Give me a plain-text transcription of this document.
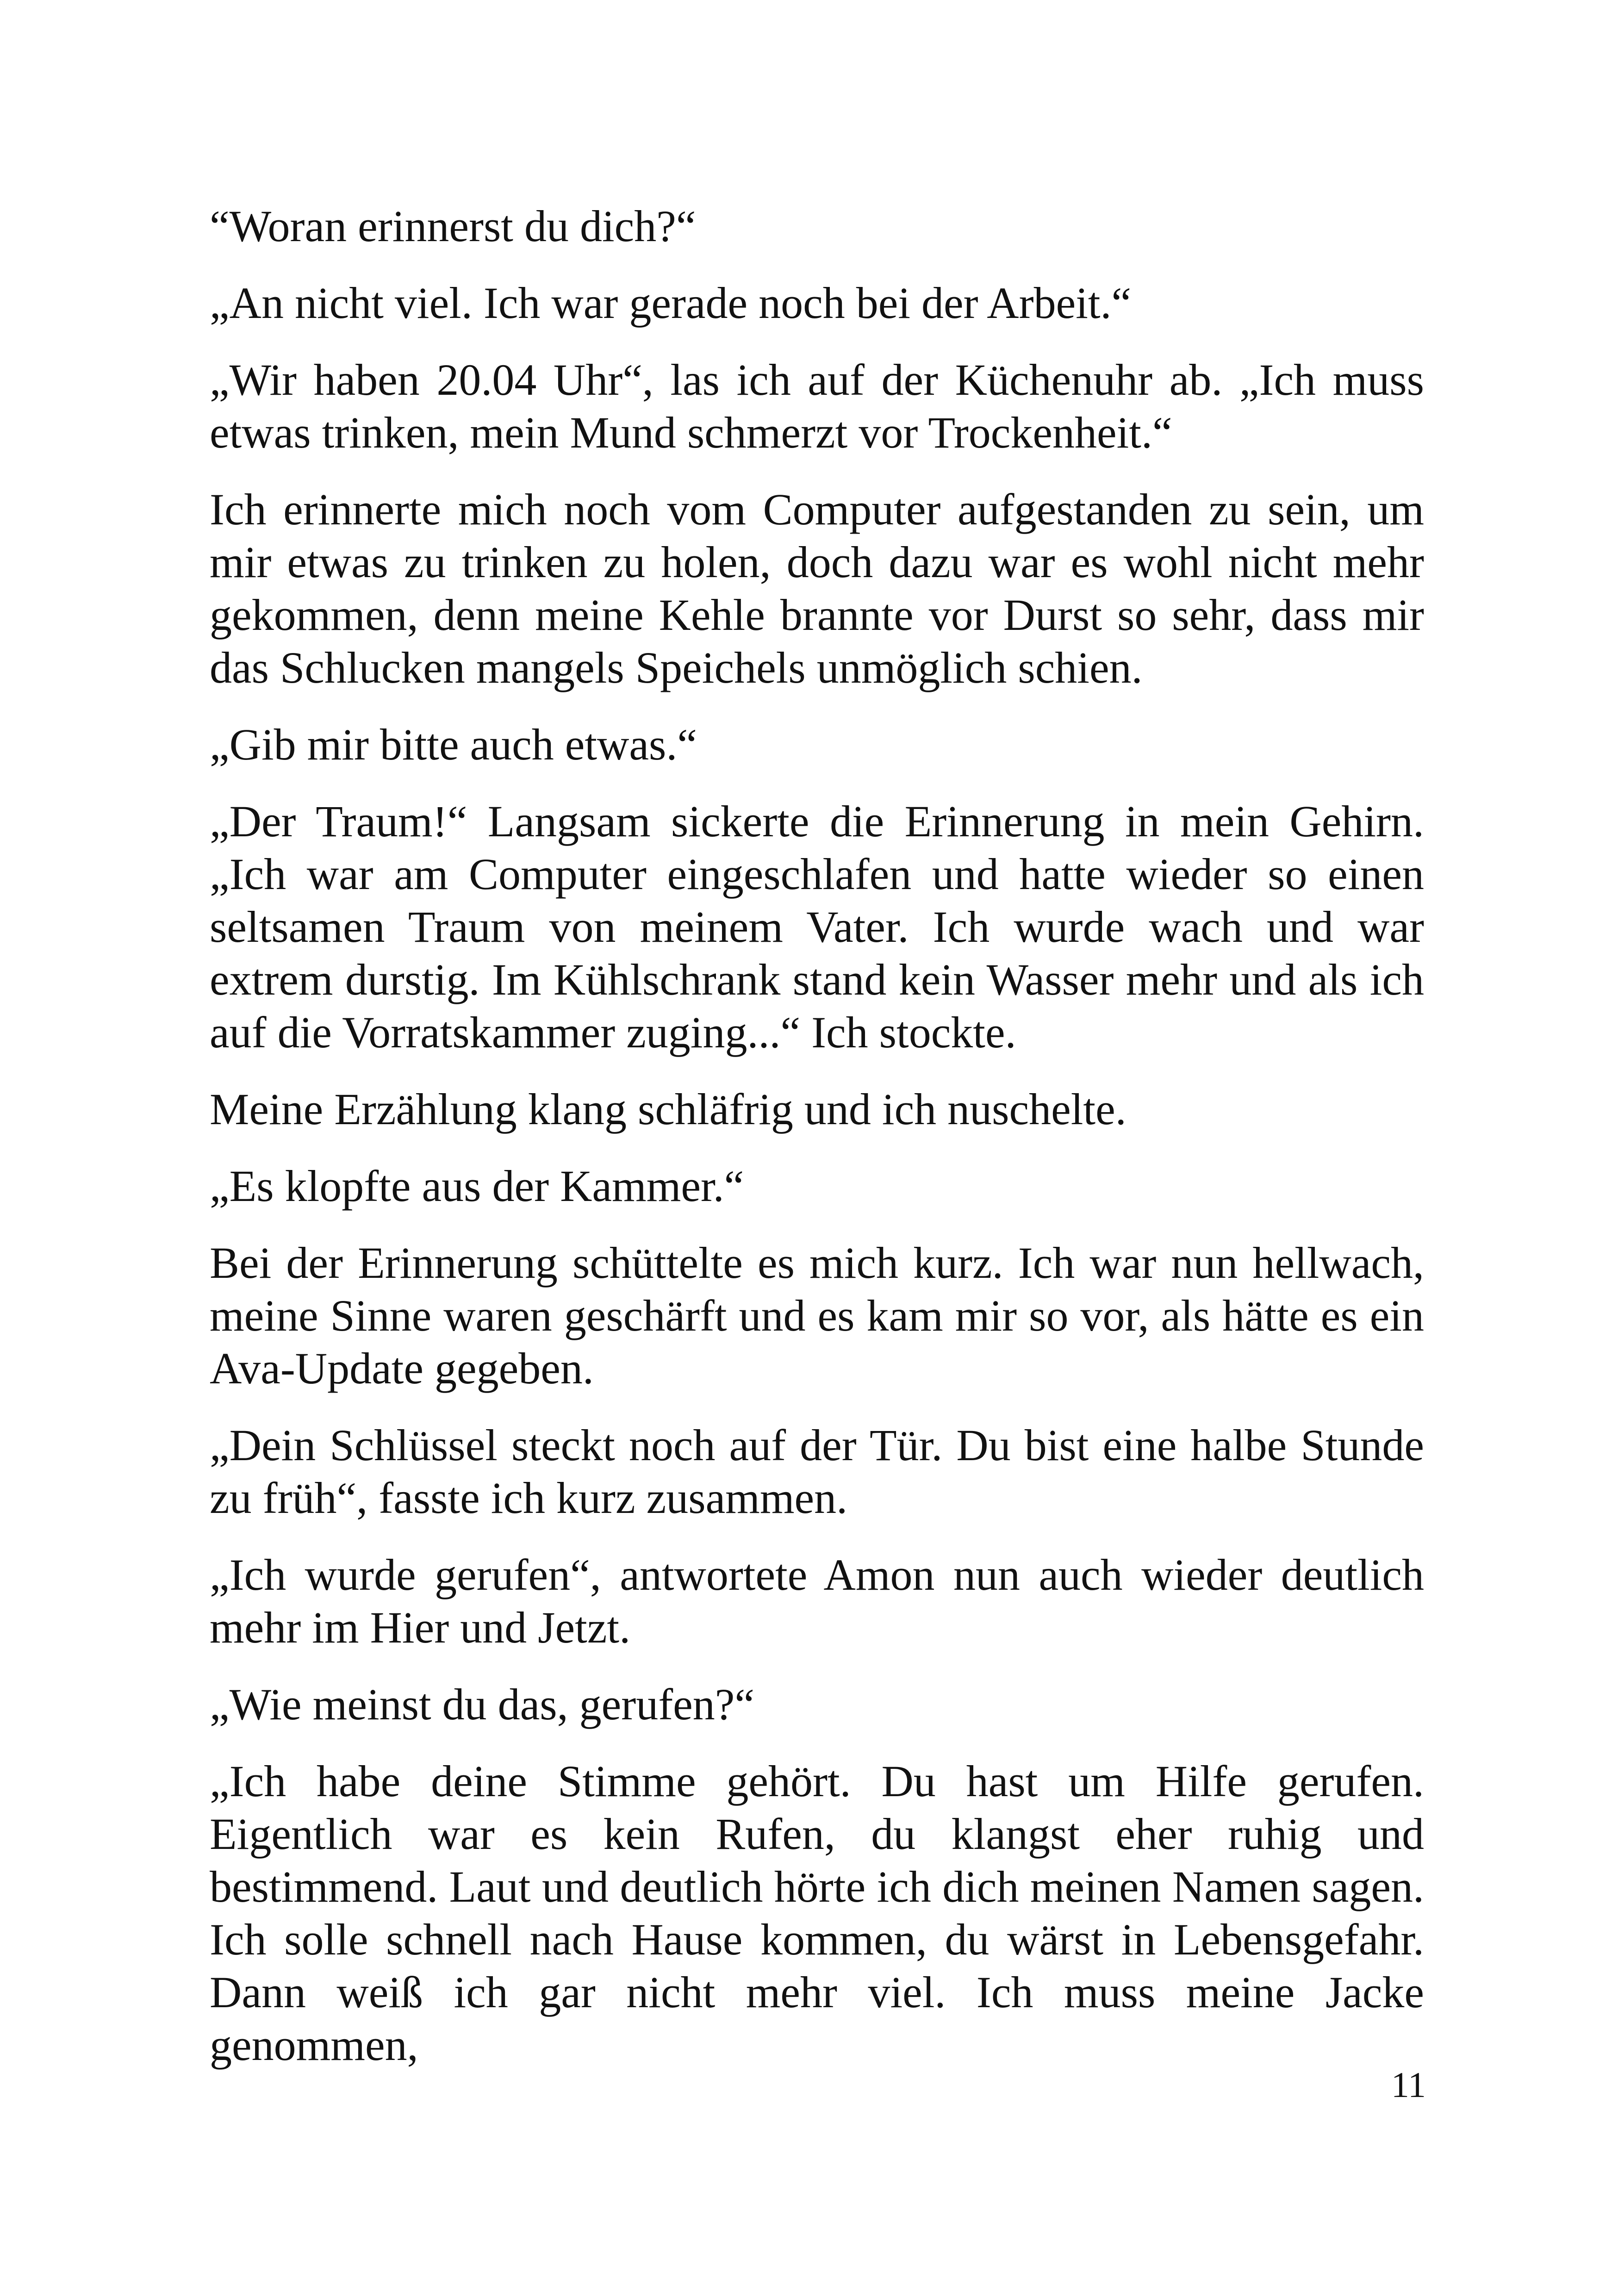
“Woran erinnerst du dich?“

„An nicht viel. Ich war gerade noch bei der Arbeit.“

„Wir haben 20.04 Uhr“, las ich auf der Küchenuhr ab. „Ich muss etwas trinken, mein Mund schmerzt vor Trockenheit.“

Ich erinnerte mich noch vom Computer aufgestanden zu sein, um mir etwas zu trinken zu holen, doch dazu war es wohl nicht mehr gekommen, denn meine Kehle brannte vor Durst so sehr, dass mir das Schlucken mangels Speichels unmöglich schien.

„Gib mir bitte auch etwas.“

„Der Traum!“ Langsam sickerte die Erinnerung in mein Gehirn. „Ich war am Computer eingeschlafen und hatte wieder so einen seltsamen Traum von meinem Vater. Ich wurde wach und war extrem durstig. Im Kühlschrank stand kein Wasser mehr und als ich auf die Vorratskammer zuging...“ Ich stockte.

Meine Erzählung klang schläfrig und ich nuschelte.

„Es klopfte aus der Kammer.“

Bei der Erinnerung schüttelte es mich kurz. Ich war nun hellwach, meine Sinne waren geschärft und es kam mir so vor, als hätte es ein Ava-Update gegeben.

„Dein Schlüssel steckt noch auf der Tür. Du bist eine halbe Stunde zu früh“, fasste ich kurz zusammen.

„Ich wurde gerufen“, antwortete Amon nun auch wieder deutlich mehr im Hier und Jetzt.

„Wie meinst du das, gerufen?“

„Ich habe deine Stimme gehört. Du hast um Hilfe gerufen. Eigentlich war es kein Rufen, du klangst eher ruhig und bestimmend. Laut und deutlich hörte ich dich meinen Namen sagen. Ich solle schnell nach Hause kommen, du wärst in Lebensgefahr. Dann weiß ich gar nicht mehr viel. Ich muss meine Jacke genommen,

11
